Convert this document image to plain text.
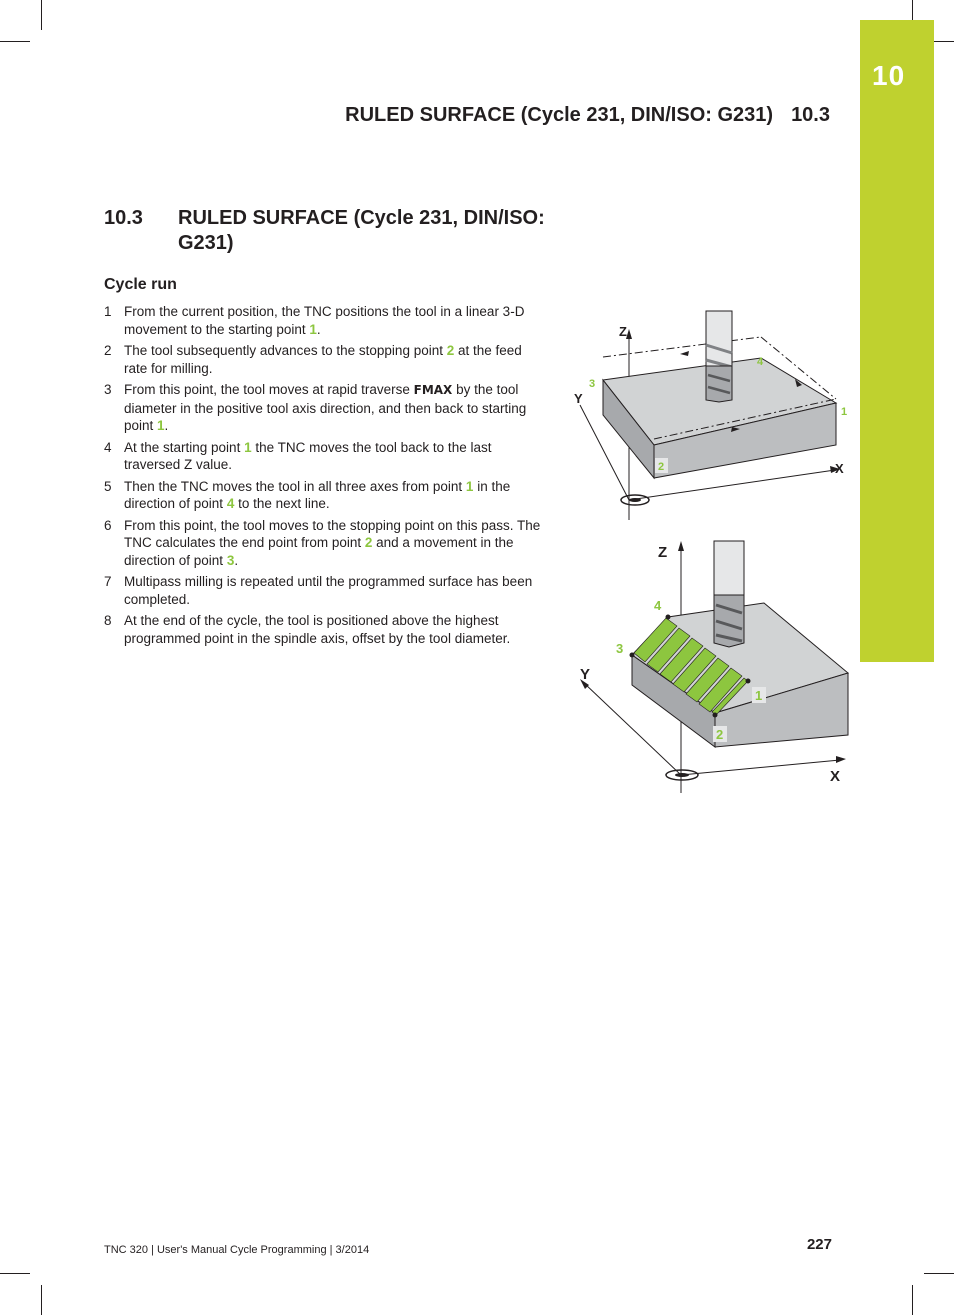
10
RULED SURFACE (Cycle 231, DIN/ISO: G231) 10.3
10.3 RULED SURFACE (Cycle 231, DIN/ISO: G231)
Cycle run
1 From the current position, the TNC positions the tool in a linear 3-D movement to the starting point 1.
2 The tool subsequently advances to the stopping point 2 at the feed rate for milling.
3 From this point, the tool moves at rapid traverse FMAX by the tool diameter in the positive tool axis direction, and then back to starting point 1.
4 At the starting point 1 the TNC moves the tool back to the last traversed Z value.
5 Then the TNC moves the tool in all three axes from point 1 in the direction of point 4 to the next line.
6 From this point, the tool moves to the stopping point on this pass. The TNC calculates the end point from point 2 and a movement in the direction of point 3.
7 Multipass milling is repeated until the programmed surface has been completed.
8 At the end of the cycle, the tool is positioned above the highest programmed point in the spindle axis, offset by the tool diameter.
Z
Y
X
1
2
3
4
Z
Y
X
1
2
3
4
TNC 320 | User's Manual Cycle Programming | 3/2014	227
